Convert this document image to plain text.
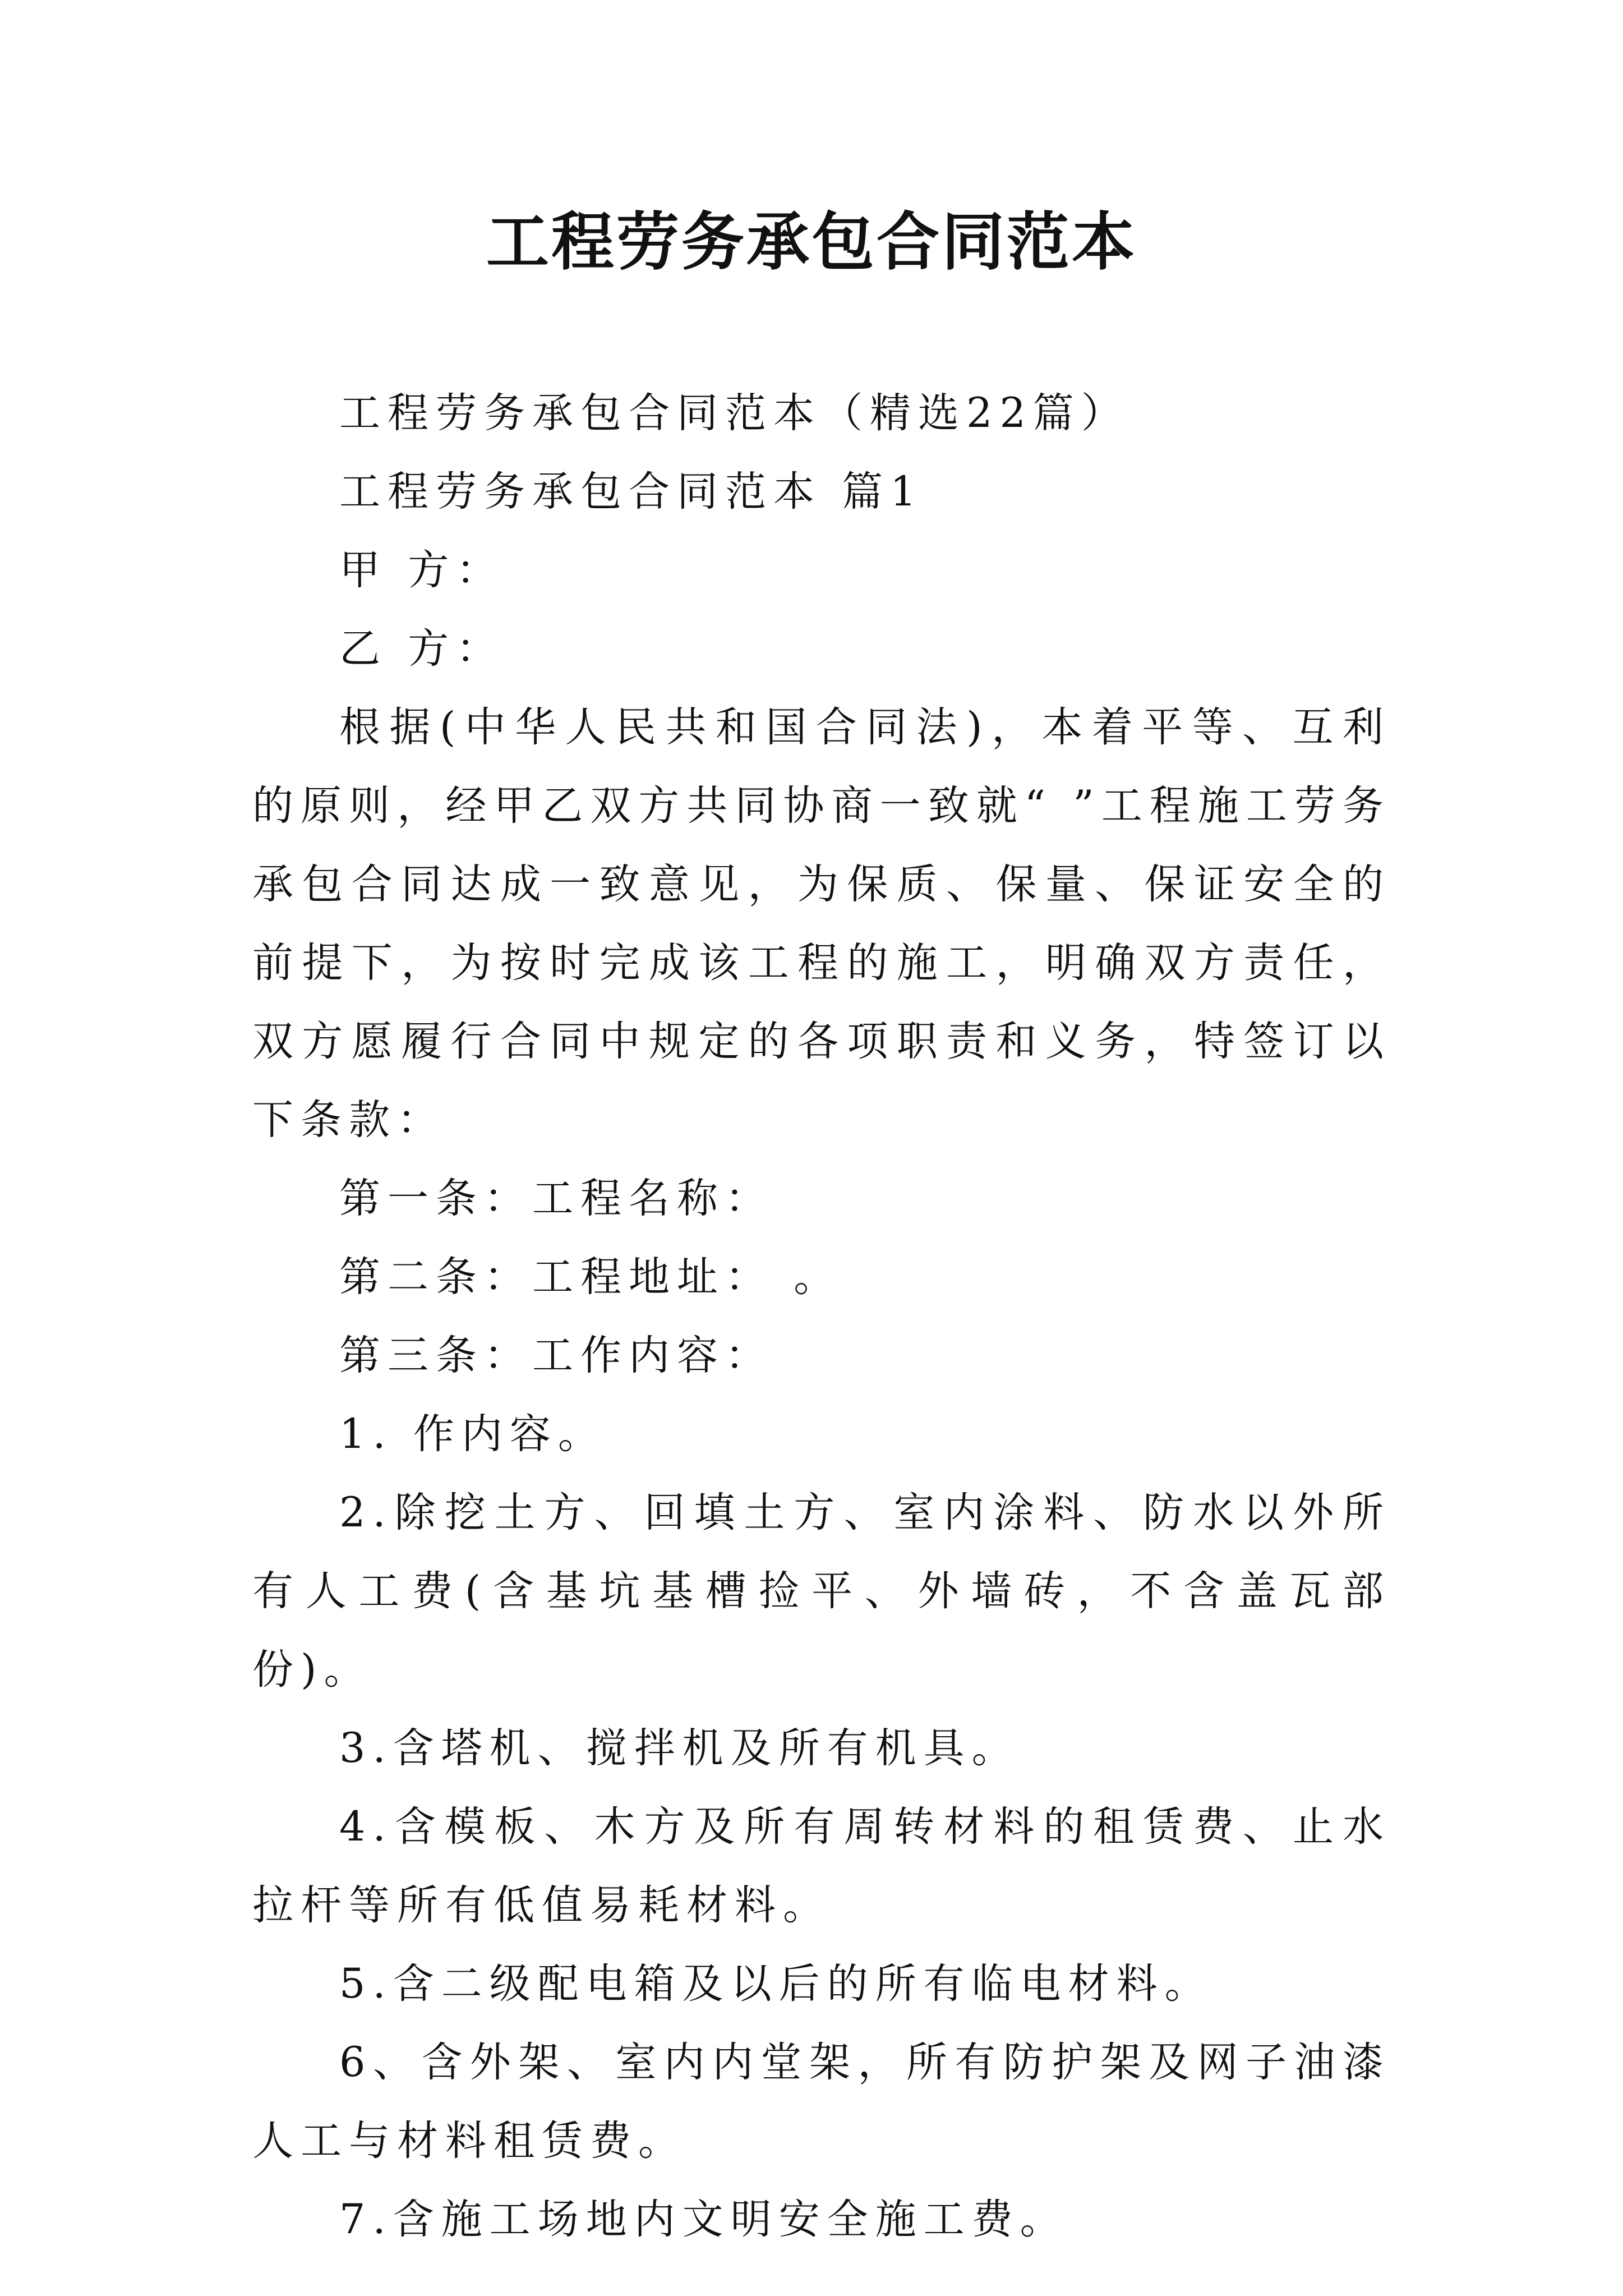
工程劳务承包合同范本

工程劳务承包合同范本（精选22篇）

工程劳务承包合同范本 篇1

甲 方：

乙 方：

根据(中华人民共和国合同法)，本着平等、互利的原则，经甲乙双方共同协商一致就“ ”工程施工劳务承包合同达成一致意见，为保质、保量、保证安全的前提下，为按时完成该工程的施工，明确双方责任，双方愿履行合同中规定的各项职责和义务，特签订以下条款：

第一条：工程名称：

第二条：工程地址： 。

第三条：工作内容：

1. 作内容。

2.除挖土方、回填土方、室内涂料、防水以外所有人工费(含基坑基槽捡平、外墙砖，不含盖瓦部份)。

3.含塔机、搅拌机及所有机具。

4.含模板、木方及所有周转材料的租赁费、止水拉杆等所有低值易耗材料。

5.含二级配电箱及以后的所有临电材料。

6、含外架、室内内堂架，所有防护架及网子油漆人工与材料租赁费。

7.含施工场地内文明安全施工费。
